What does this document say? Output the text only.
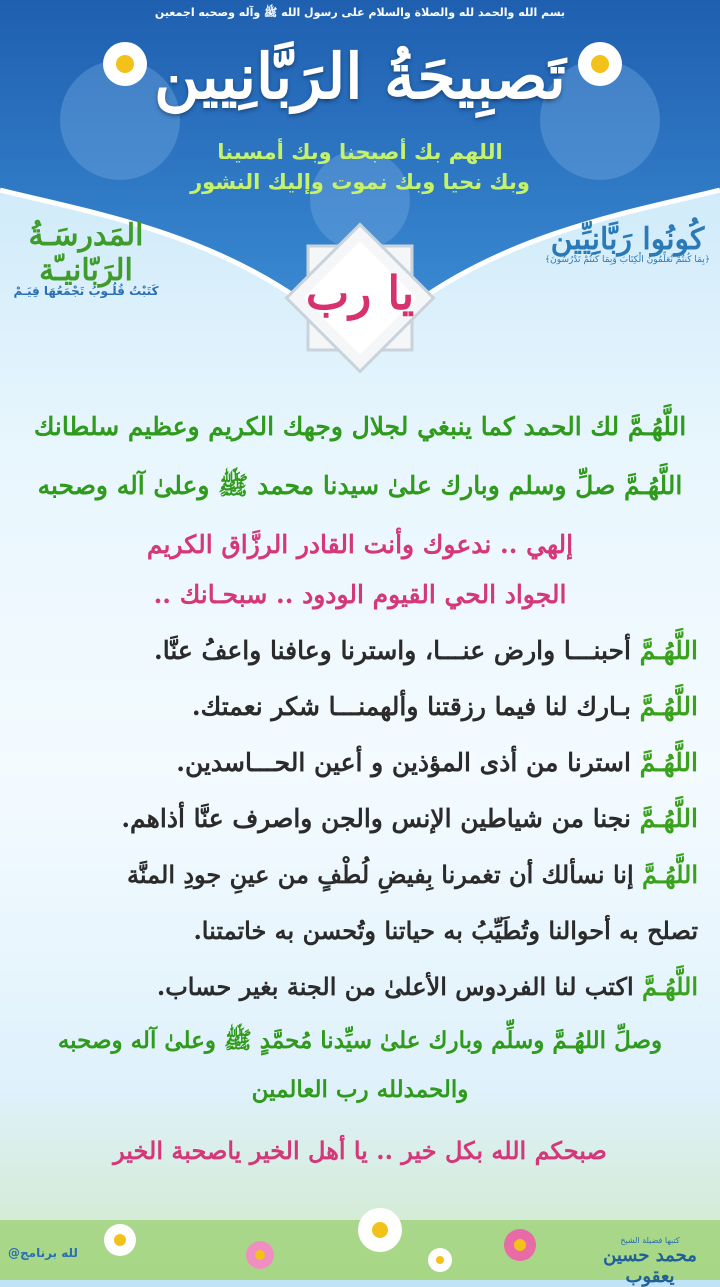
بسم الله والحمد لله والصلاة والسلام على رسول الله ﷺ وآله وصحبه اجمعين
تَصبِيحَةُ الرَبَّانِيين
اللهم بك أصبحنا وبك أمسينا
وبك نحيا وبك نموت وإليك النشور
المَدرسَـةُ الرَبّانيـّة
كَتَبْتُ قُلُـوبُ تَجْمَعُهَا قِيَـمْ
كُونُوا رَبَّانِيِّين
﴿بِمَا كُنتُمْ تُعَلِّمُونَ الْكِتَابَ وَبِمَا كُنتُمْ تَدْرُسُونَ﴾
يا رب
اللَّهُـمَّ لك الحمد كما ينبغي لجلال وجهك الكريم وعظيم سلطانك
اللَّهُـمَّ صلِّ وسلم وبارك علىٰ سيدنا محمد ﷺ وعلىٰ آله وصحبه
إلهي .. ندعوك وأنت القادر الرزَّاق الكريم
الجواد الحي القيوم الودود .. سبحـانك ..
اللَّهُـمَّ أحبنـــا وارض عنـــا، واسترنا وعافنا واعفُ عنَّا.
اللَّهُـمَّ بـارك لنا فيما رزقتنا وألهمنـــا شكر نعمتك.
اللَّهُـمَّ استرنا من أذى المؤذين و أعين الحـــاسدين.
اللَّهُـمَّ نجنا من شياطين الإنس والجن واصرف عنَّا أذاهم.
اللَّهُـمَّ إنا نسألك أن تغمرنا بِفيضِ لُطْفٍ من عينِ جودِ المنَّة
تصلح به أحوالنا وتُطَيِّبُ به حياتنا وتُحسن به خاتمتنا.
اللَّهُـمَّ اكتب لنا الفردوس الأعلىٰ من الجنة بغير حساب.
وصلِّ اللهُـمَّ وسلِّم وبارك علىٰ سيِّدنا مُحمَّدٍ ﷺ وعلىٰ آله وصحبه
والحمدلله رب العالمين
صبحكم الله بكل خير .. يا أهل الخير ياصحبة الخير
@لله برنامج
كتبها فضيلة الشيخ
محمد حسين يعقوب
